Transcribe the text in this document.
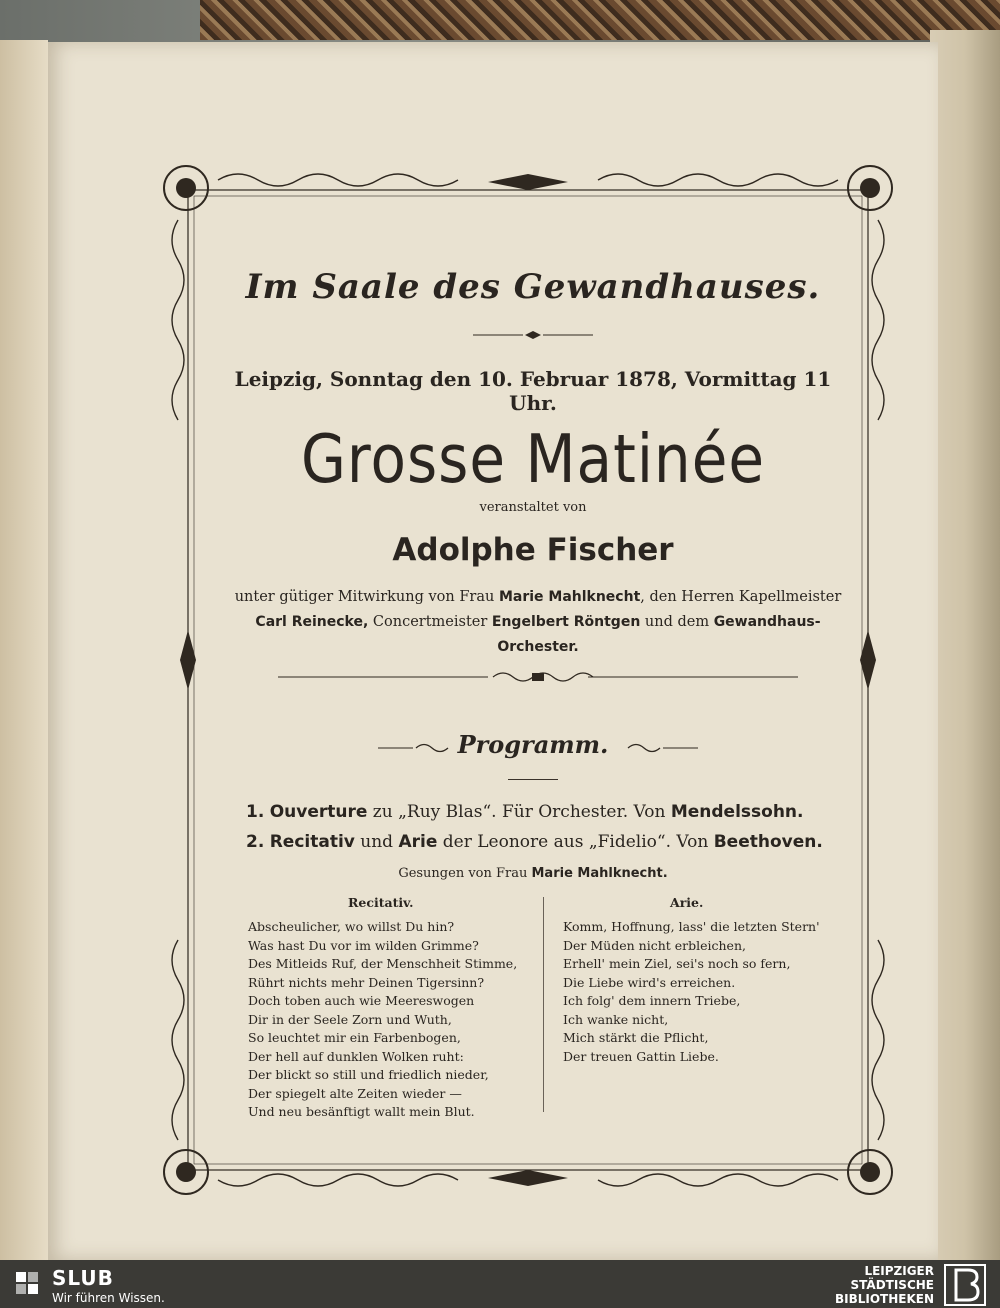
Im Saale des Gewandhauses.
Leipzig, Sonntag den 10. Februar 1878, Vormittag 11 Uhr.
Grosse Matinée
veranstaltet von
Adolphe Fischer
unter gütiger Mitwirkung von Frau Marie Mahlknecht, den Herren Kapellmeister
Carl Reinecke, Concertmeister Engelbert Röntgen und dem Gewandhaus-Orchester.
Programm.
1. Ouverture zu „Ruy Blas“. Für Orchester. Von Mendelssohn.
2. Recitativ und Arie der Leonore aus „Fidelio“. Von Beethoven.
Gesungen von Frau Marie Mahlknecht.
Recitativ.	Arie.
Abscheulicher, wo willst Du hin?
Was hast Du vor im wilden Grimme?
Des Mitleids Ruf, der Menschheit Stimme,
Rührt nichts mehr Deinen Tigersinn?
Doch toben auch wie Meereswogen
Dir in der Seele Zorn und Wuth,
So leuchtet mir ein Farbenbogen,
Der hell auf dunklen Wolken ruht:
Der blickt so still und friedlich nieder,
Der spiegelt alte Zeiten wieder —
Und neu besänftigt wallt mein Blut.
Komm, Hoffnung, lass' die letzten Stern'
Der Müden nicht erbleichen,
Erhell' mein Ziel, sei's noch so fern,
Die Liebe wird's erreichen.
Ich folg' dem innern Triebe,
Ich wanke nicht,
Mich stärkt die Pflicht,
Der treuen Gattin Liebe.
SLUB
Wir führen Wissen.
LEIPZIGER
STÄDTISCHE
BIBLIOTHEKEN
